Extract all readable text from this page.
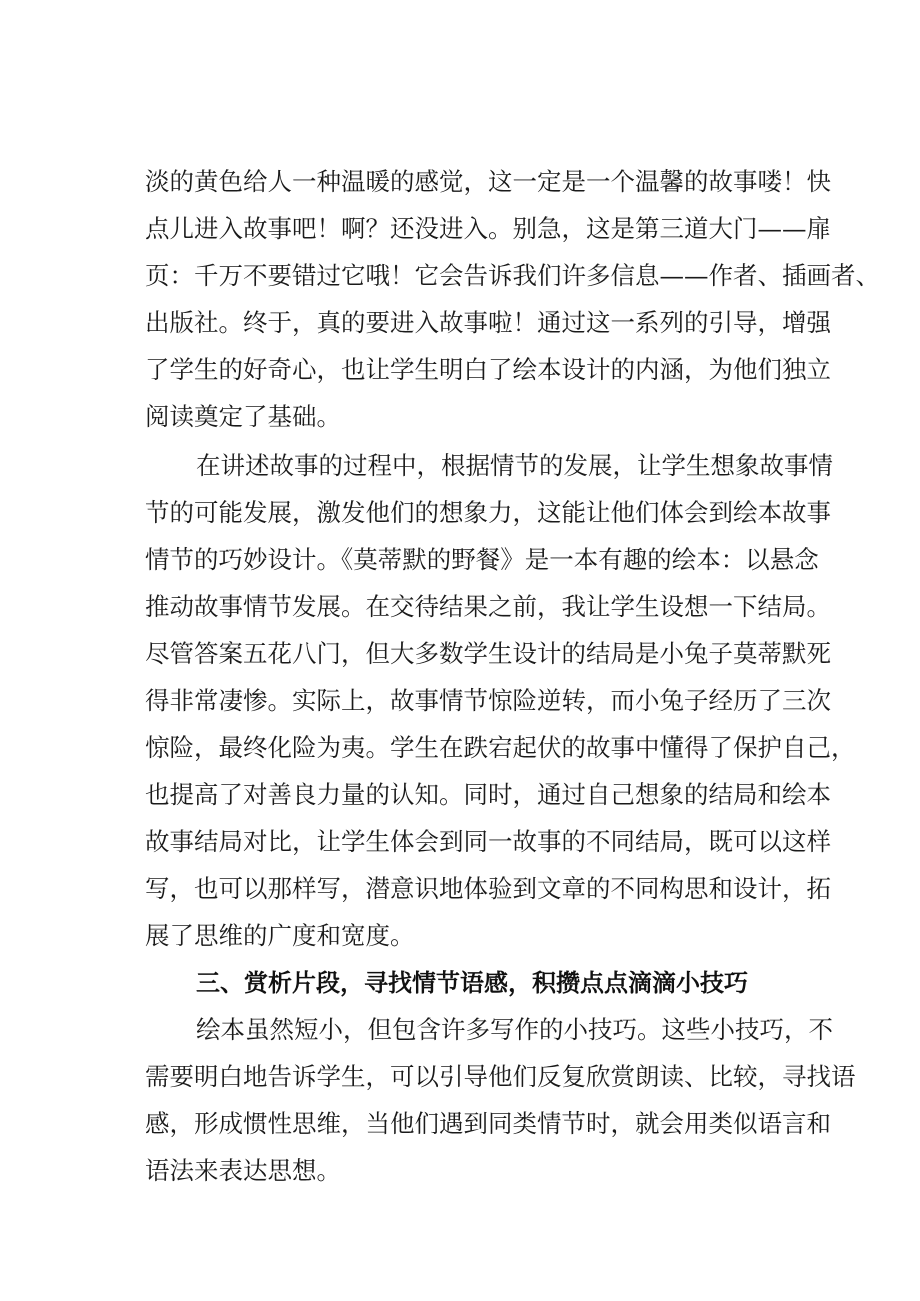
淡的黄色给人一种温暖的感觉，这一定是一个温馨的故事喽！快
点儿进入故事吧！啊？还没进入。别急，这是第三道大门——扉
页：千万不要错过它哦！它会告诉我们许多信息——作者、插画者、
出版社。终于，真的要进入故事啦！通过这一系列的引导，增强
了学生的好奇心，也让学生明白了绘本设计的内涵，为他们独立
阅读奠定了基础。
在讲述故事的过程中，根据情节的发展，让学生想象故事情
节的可能发展，激发他们的想象力，这能让他们体会到绘本故事
情节的巧妙设计。《莫蒂默的野餐》是一本有趣的绘本：以悬念
推动故事情节发展。在交待结果之前，我让学生设想一下结局。
尽管答案五花八门，但大多数学生设计的结局是小兔子莫蒂默死
得非常凄惨。实际上，故事情节惊险逆转，而小兔子经历了三次
惊险，最终化险为夷。学生在跌宕起伏的故事中懂得了保护自己，
也提高了对善良力量的认知。同时，通过自己想象的结局和绘本
故事结局对比，让学生体会到同一故事的不同结局，既可以这样
写，也可以那样写，潜意识地体验到文章的不同构思和设计，拓
展了思维的广度和宽度。
三、赏析片段，寻找情节语感，积攒点点滴滴小技巧
绘本虽然短小，但包含许多写作的小技巧。这些小技巧，不
需要明白地告诉学生，可以引导他们反复欣赏朗读、比较，寻找语
感，形成惯性思维，当他们遇到同类情节时，就会用类似语言和
语法来表达思想。
